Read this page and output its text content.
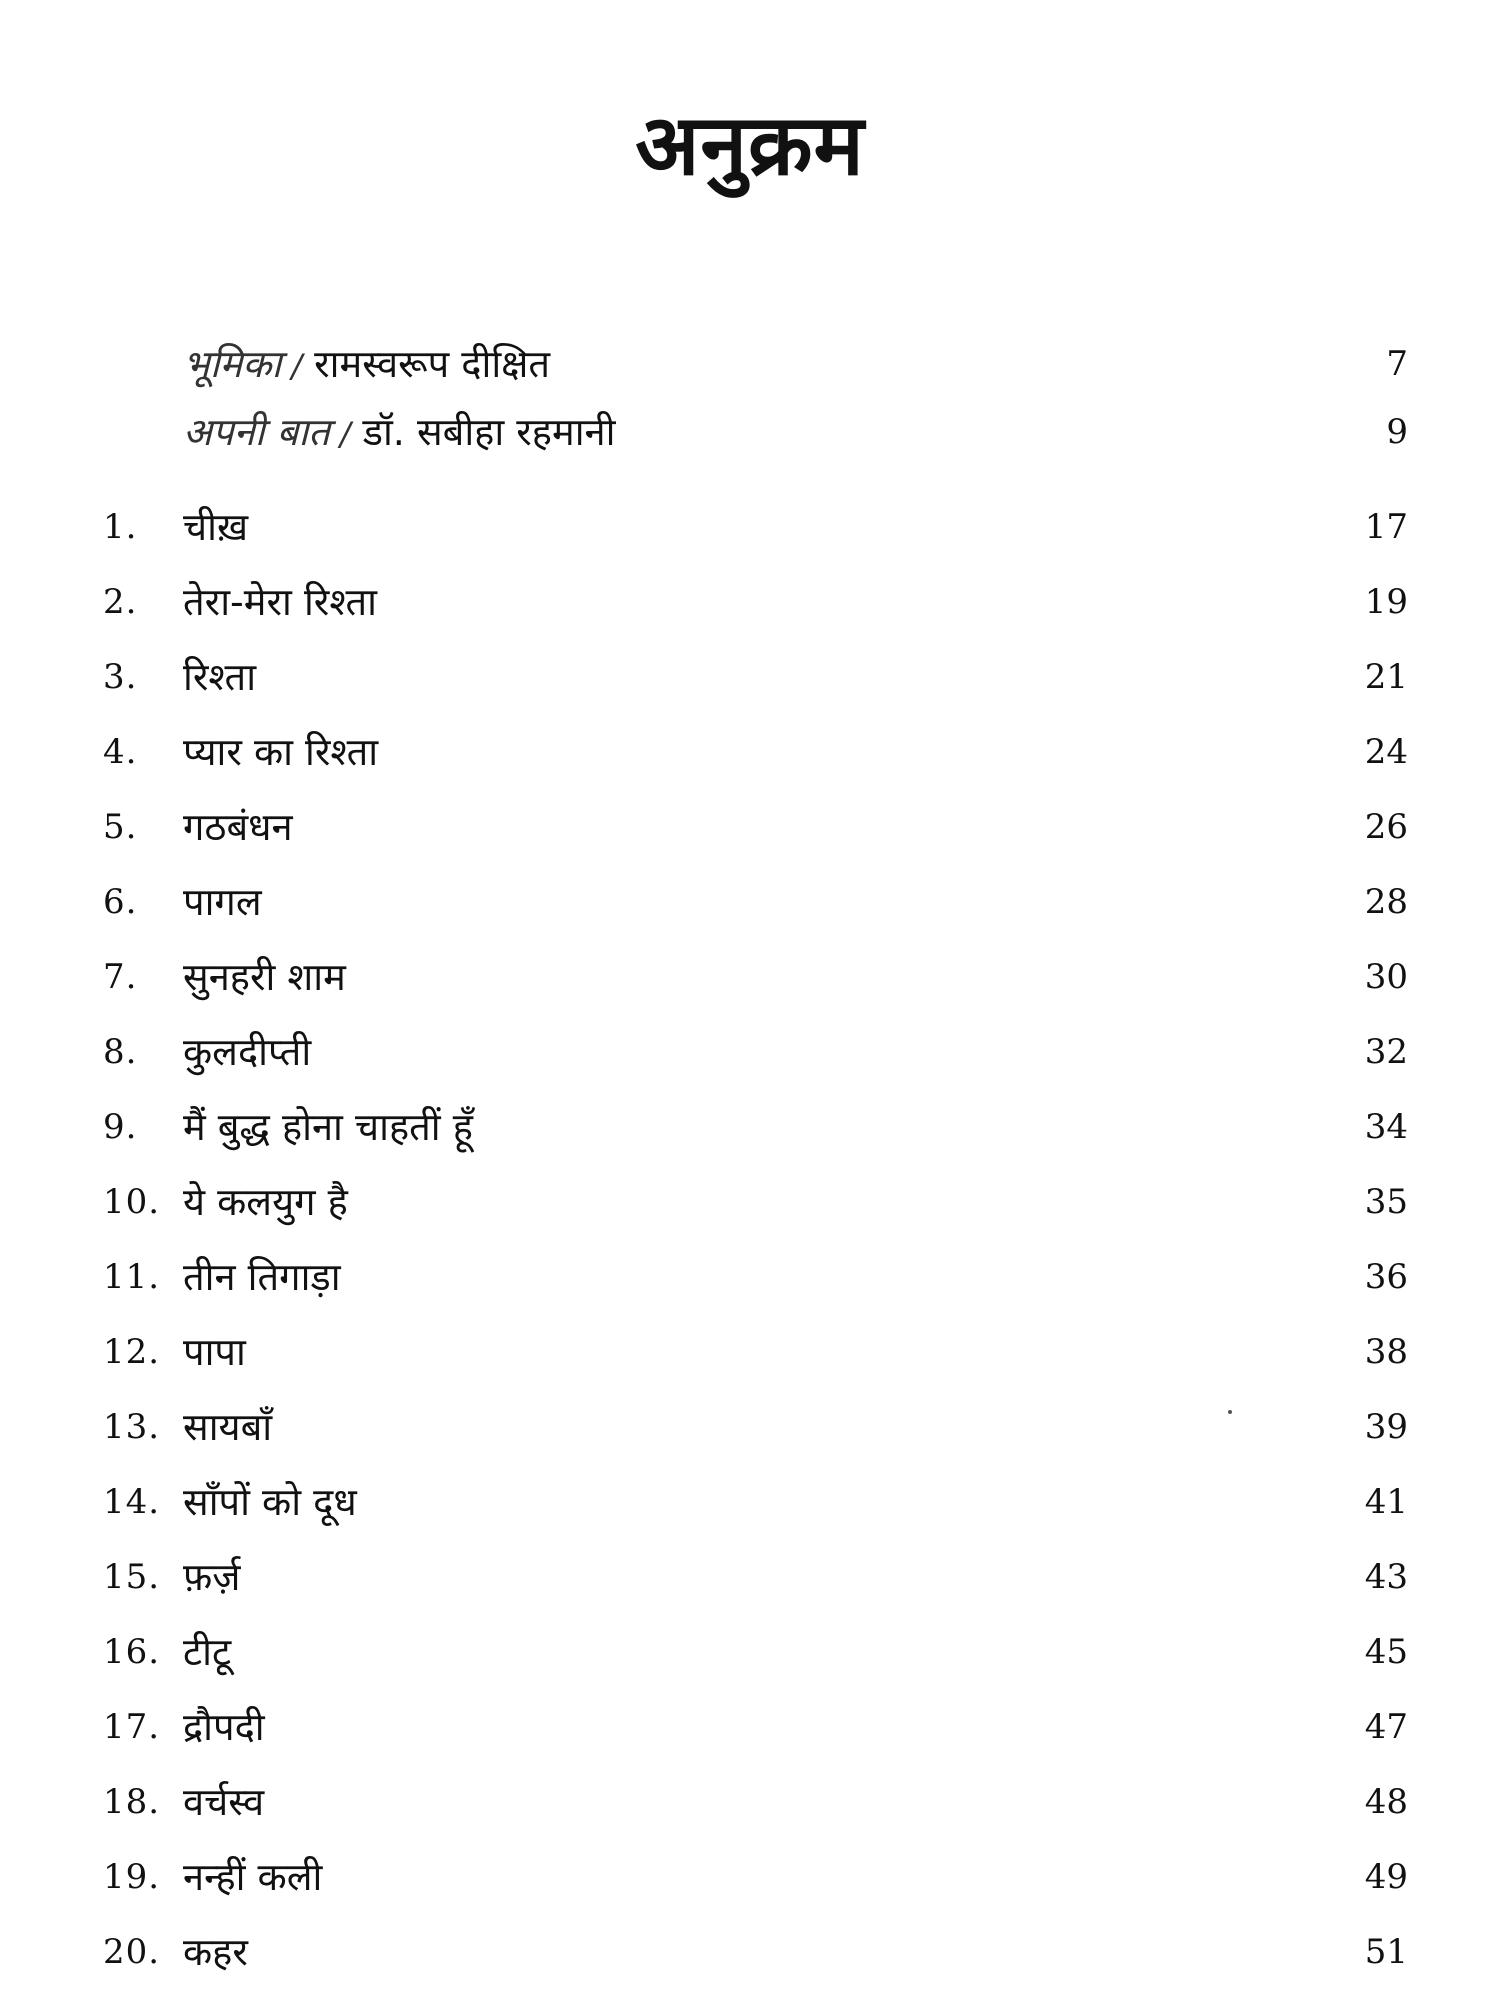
अनुक्रम
भूमिका / रामस्वरूप दीक्षित	7
अपनी बात / डॉ. सबीहा रहमानी	9
1.	चीख़	17
2.	तेरा-मेरा रिश्ता	19
3.	रिश्ता	21
4.	प्यार का रिश्ता	24
5.	गठबंधन	26
6.	पागल	28
7.	सुनहरी शाम	30
8.	कुलदीप्ती	32
9.	मैं बुद्ध होना चाहतीं हूँ	34
10. ये कलयुग है	35
11. तीन तिगाड़ा	36
12. पापा	38
13. सायबाँ	39
14. साँपों को दूध	41
15. फ़र्ज़	43
16. टीटू	45
17. द्रौपदी	47
18. वर्चस्व	48
19. नन्हीं कली	49
20. कहर	51
